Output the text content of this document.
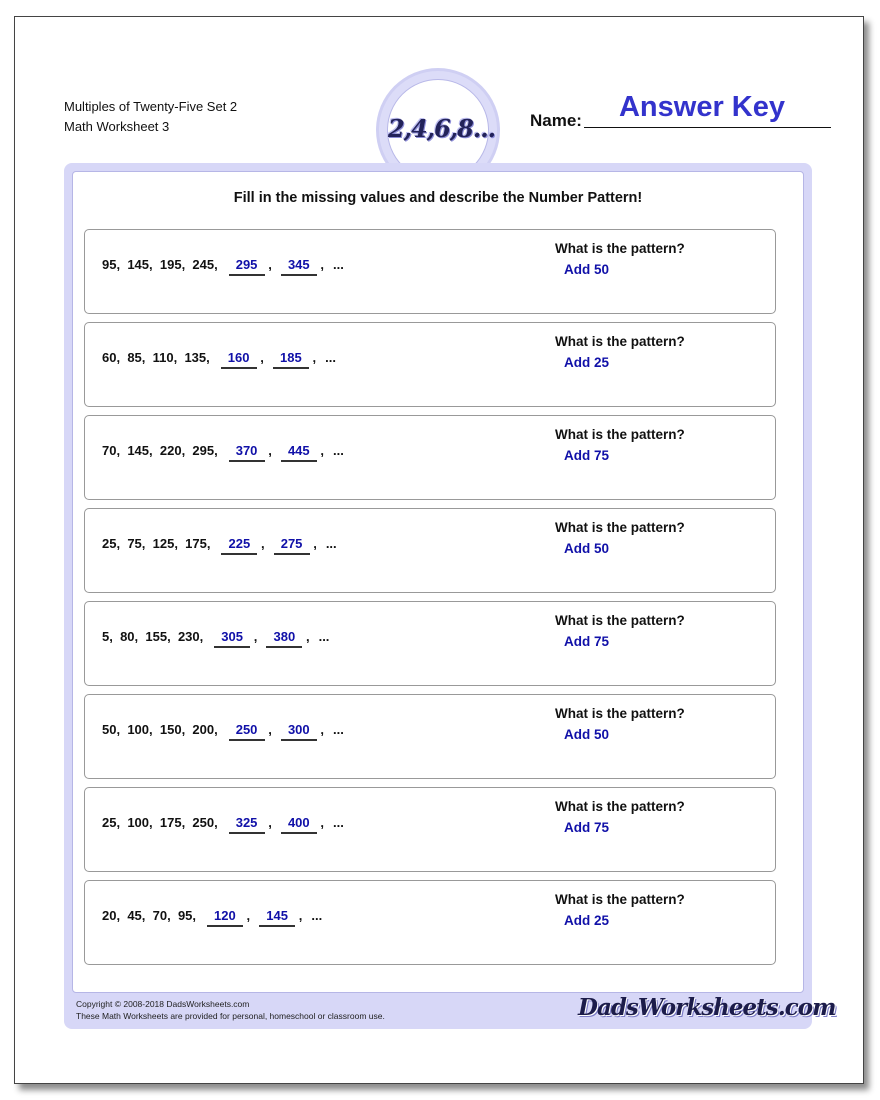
Multiples of Twenty-Five Set 2
Math Worksheet 3	2,4,6,8... Name:	Answer Key
Fill in the missing values and describe the Number Pattern!
95,  145,  195,  245,   295 , 345 , ...
What is the pattern?
Add 50
60,  85,  110,  135,   160 , 185 , ...
What is the pattern?
Add 25
70,  145,  220,  295,   370 , 445 , ...
What is the pattern?
Add 75
25,  75,  125,  175,   225 , 275 , ...
What is the pattern?
Add 50
5,  80,  155,  230,   305 , 380 , ...
What is the pattern?
Add 75
50,  100,  150,  200,   250 , 300 , ...
What is the pattern?
Add 50
25,  100,  175,  250,   325 , 400 , ...
What is the pattern?
Add 75
20,  45,  70,  95,   120 , 145 , ...
What is the pattern?
Add 25
Copyright © 2008-2018 DadsWorksheets.com
These Math Worksheets are provided for personal, homeschool or classroom use.	DadsWorksheets.com
